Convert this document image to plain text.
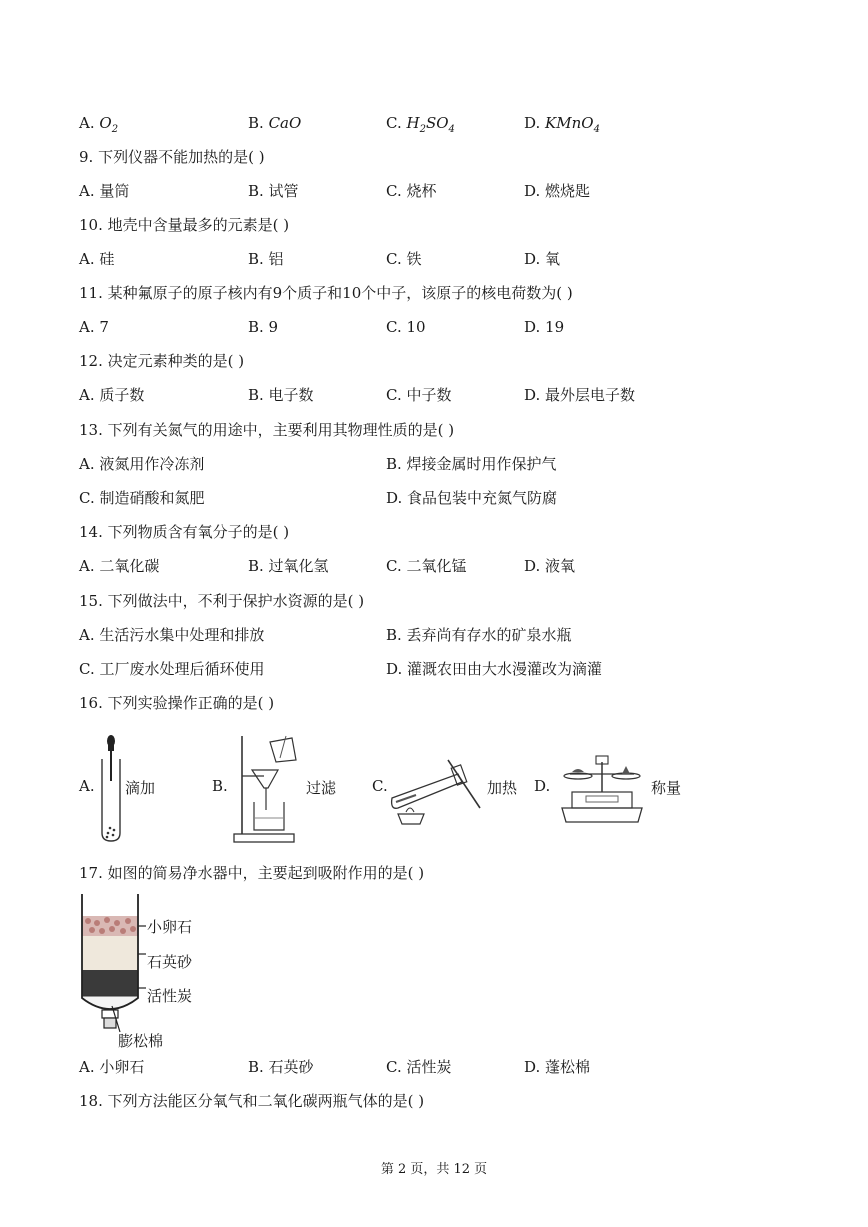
A. $O_2$	B. CaO	C. $H_2SO_4$	D. KMnO$_4$
9. 下列仪器不能加热的是( )
A. 量筒	B. 试管	C. 烧杯	D. 燃烧匙
10. 地壳中含量最多的元素是( )
A. 硅	B. 铝	C. 铁	D. 氧
11. 某种氟原子的原子核内有9个质子和10个中子，该原子的核电荷数为( )
A. 7	B. 9	C. 10	D. 19
12. 决定元素种类的是( )
A. 质子数	B. 电子数	C. 中子数	D. 最外层电子数
13. 下列有关氮气的用途中，主要利用其物理性质的是( )
A. 液氮用作冷冻剂	B. 焊接金属时用作保护气
C. 制造硝酸和氮肥	D. 食品包装中充氮气防腐
14. 下列物质含有氧分子的是( )
A. 二氧化碳	B. 过氧化氢	C. 二氧化锰	D. 液氧
15. 下列做法中，不利于保护水资源的是( )
A. 生活污水集中处理和排放	B. 丢弃尚有存水的矿泉水瓶
C. 工厂废水处理后循环使用	D. 灌溉农田由大水漫灌改为滴灌
16. 下列实验操作正确的是( )
A. 滴加	B.	过滤 C.	加热 D.	称量
17. 如图的简易净水器中，主要起到吸附作用的是( )
小卵石
石英砂
活性炭
膨松棉
A. 小卵石	B. 石英砂	C. 活性炭	D. 蓬松棉
18. 下列方法能区分氧气和二氧化碳两瓶气体的是( )
第 2 页，共 12 页
